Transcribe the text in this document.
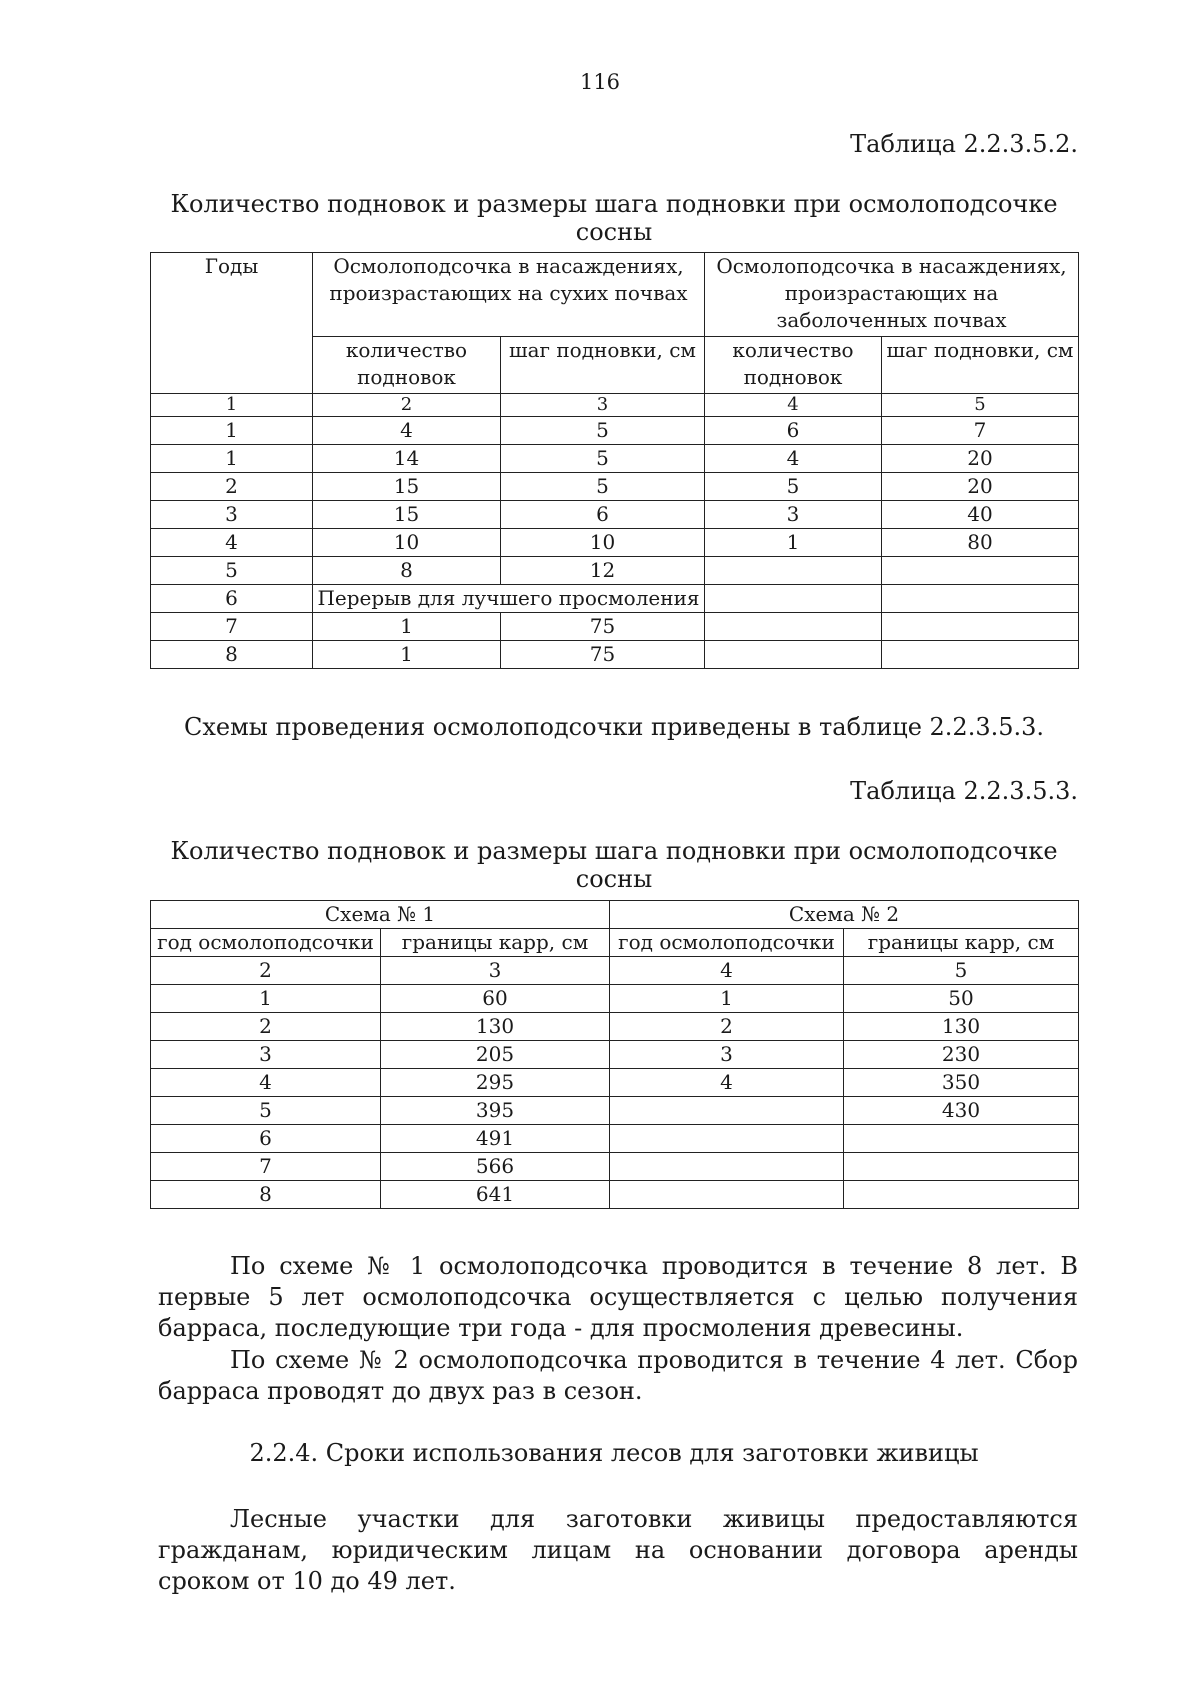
116
Таблица 2.2.3.5.2.
Количество подновок и размеры шага подновки при осмолоподсочке сосны
Годы	Осмолоподсочка в насаждениях, произрастающих на сухих почвах		Осмолоподсочка в насаждениях, произрастающих на заболоченных почвах	
	количество подновок	шаг подновки, см	количество подновок	шаг подновки, см
1	2	3	4	5
1	4	5	6	7
1	14	5	4	20
2	15	5	5	20
3	15	6	3	40
4	10	10	1	80
5	8	12		
6	Перерыв для лучшего просмоления			
7	1	75		
8	1	75		
Схемы проведения осмолоподсочки приведены в таблице 2.2.3.5.3.
Таблица 2.2.3.5.3.
Количество подновок и размеры шага подновки при осмолоподсочке сосны
Схема № 1		Схема № 2	
год осмолоподсочки	границы карр, см	год осмолоподсочки	границы карр, см
2	3	4	5
1	60	1	50
2	130	2	130
3	205	3	230
4	295	4	350
5	395		430
6	491		
7	566		
8	641		
По схеме № 1 осмолоподсочка проводится в течение 8 лет. В первые 5 лет осмолоподсочка осуществляется с целью получения барраса, последующие три года - для просмоления древесины.
По схеме № 2 осмолоподсочка проводится в течение 4 лет. Сбор барраса проводят до двух раз в сезон.
2.2.4. Сроки использования лесов для заготовки живицы
Лесные участки для заготовки живицы предоставляются гражданам, юридическим лицам на основании договора аренды сроком от 10 до 49 лет.
